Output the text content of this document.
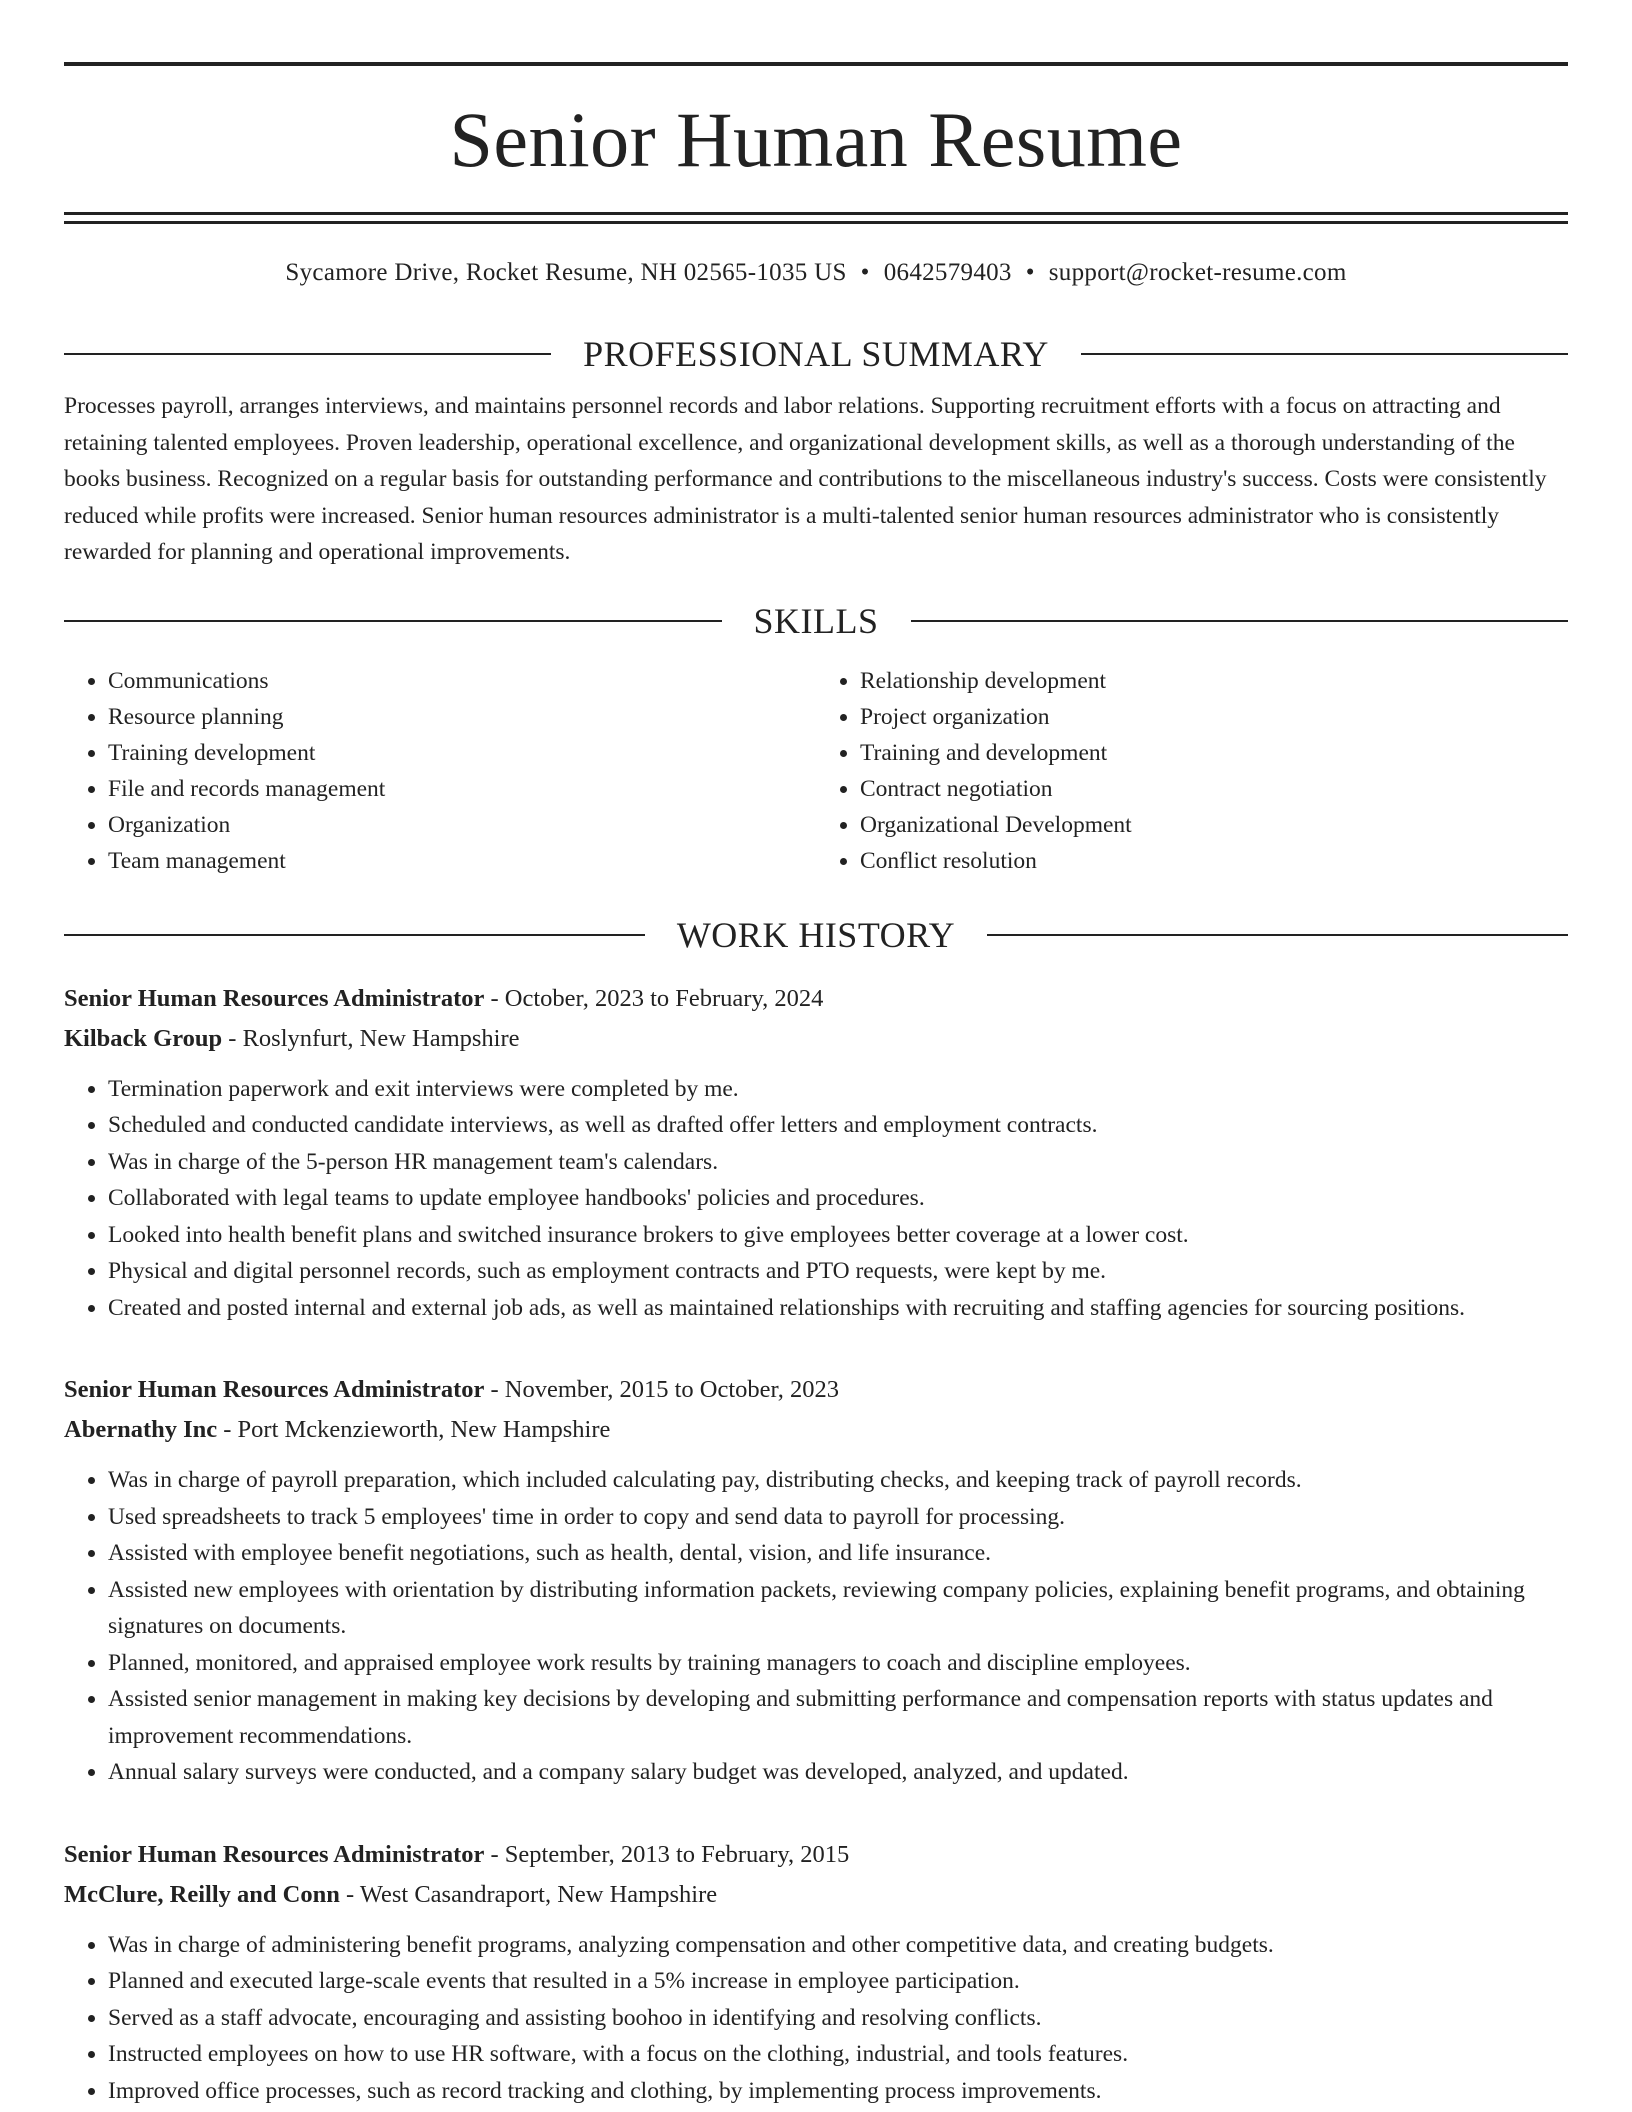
Senior Human Resume
Sycamore Drive, Rocket Resume, NH 02565-1035 US • 0642579403 • support@rocket-resume.com
PROFESSIONAL SUMMARY

Processes payroll, arranges interviews, and maintains personnel records and labor relations. Supporting recruitment efforts with a focus on attracting and retaining talented employees. Proven leadership, operational excellence, and organizational development skills, as well as a thorough understanding of the books business. Recognized on a regular basis for outstanding performance and contributions to the miscellaneous industry's success. Costs were consistently reduced while profits were increased. Senior human resources administrator is a multi-talented senior human resources administrator who is consistently rewarded for planning and operational improvements.

SKILLS
• Communications
• Resource planning
• Training development
• File and records management
• Organization
• Team management
• Relationship development
• Project organization
• Training and development
• Contract negotiation
• Organizational Development
• Conflict resolution
WORK HISTORY
Senior Human Resources Administrator - October, 2023 to February, 2024
Kilback Group - Roslynfurt, New Hampshire
• Termination paperwork and exit interviews were completed by me.
• Scheduled and conducted candidate interviews, as well as drafted offer letters and employment contracts.
• Was in charge of the 5-person HR management team's calendars.
• Collaborated with legal teams to update employee handbooks' policies and procedures.
• Looked into health benefit plans and switched insurance brokers to give employees better coverage at a lower cost.
• Physical and digital personnel records, such as employment contracts and PTO requests, were kept by me.
• Created and posted internal and external job ads, as well as maintained relationships with recruiting and staffing agencies for sourcing positions.
Senior Human Resources Administrator - November, 2015 to October, 2023
Abernathy Inc - Port Mckenzieworth, New Hampshire
• Was in charge of payroll preparation, which included calculating pay, distributing checks, and keeping track of payroll records.
• Used spreadsheets to track 5 employees' time in order to copy and send data to payroll for processing.
• Assisted with employee benefit negotiations, such as health, dental, vision, and life insurance.
• Assisted new employees with orientation by distributing information packets, reviewing company policies, explaining benefit programs, and obtaining signatures on documents.
• Planned, monitored, and appraised employee work results by training managers to coach and discipline employees.
• Assisted senior management in making key decisions by developing and submitting performance and compensation reports with status updates and improvement recommendations.
• Annual salary surveys were conducted, and a company salary budget was developed, analyzed, and updated.
Senior Human Resources Administrator - September, 2013 to February, 2015
McClure, Reilly and Conn - West Casandraport, New Hampshire
• Was in charge of administering benefit programs, analyzing compensation and other competitive data, and creating budgets.
• Planned and executed large-scale events that resulted in a 5% increase in employee participation.
• Served as a staff advocate, encouraging and assisting boohoo in identifying and resolving conflicts.
• Instructed employees on how to use HR software, with a focus on the clothing, industrial, and tools features.
• Improved office processes, such as record tracking and clothing, by implementing process improvements.
